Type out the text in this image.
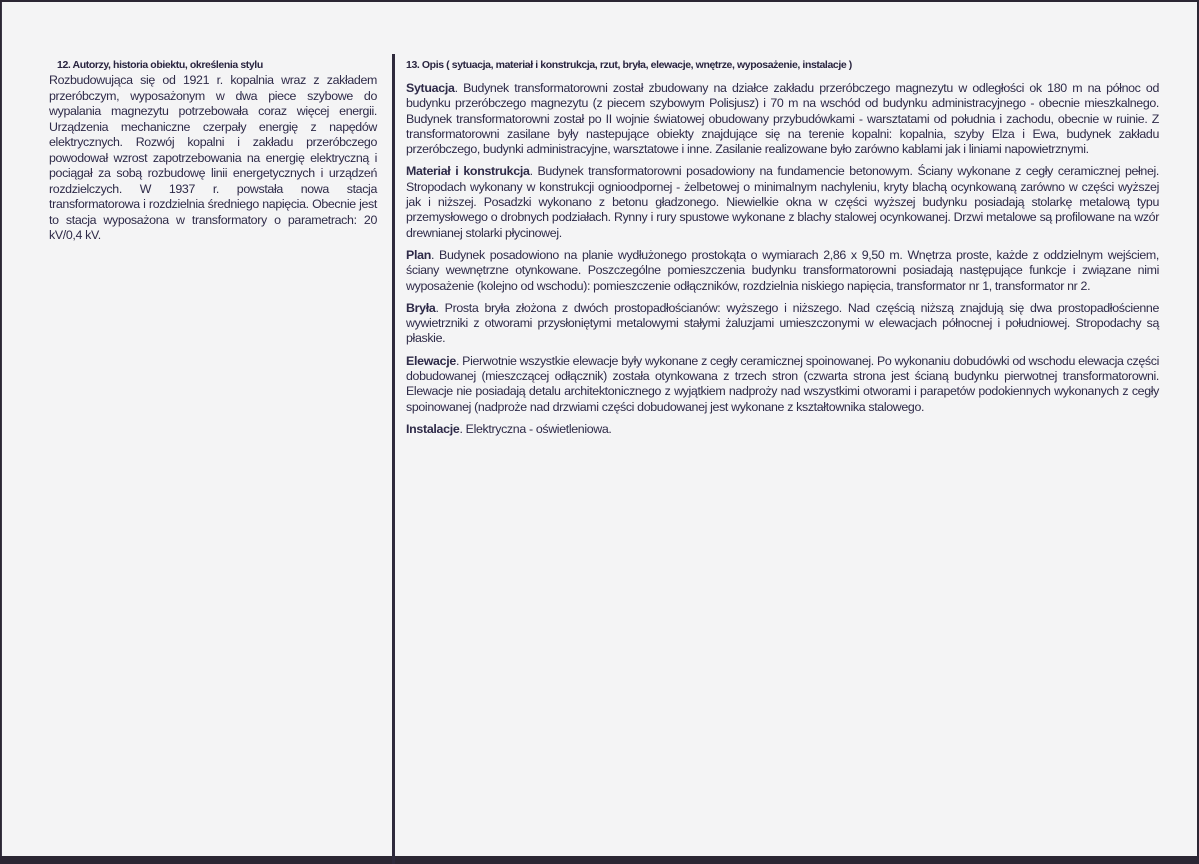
12. Autorzy, historia obiektu, określenia stylu

Rozbudowująca się od 1921 r. kopalnia wraz z zakładem przeróbczym, wyposażonym w dwa piece szybowe do wypalania magnezytu potrzebowała coraz więcej energii. Urządzenia mechaniczne czerpały energię z napędów elektrycznych. Rozwój kopalni i zakładu przeróbczego powodował wzrost zapotrzebowania na energię elektryczną i pociągał za sobą rozbudowę linii energetycznych i urządzeń rozdzielczych. W 1937 r. powstała nowa stacja transformatorowa i rozdzielnia średniego napięcia. Obecnie jest to stacja wyposażona w transformatory o parametrach: 20 kV/0,4 kV.

13. Opis ( sytuacja, materiał i konstrukcja, rzut, bryła, elewacje, wnętrze, wyposażenie, instalacje )

Sytuacja. Budynek transformatorowni został zbudowany na działce zakładu przeróbczego magnezytu w odległości ok 180 m na północ od budynku przeróbczego magnezytu (z piecem szybowym Polisjusz) i 70 m na wschód od budynku administracyjnego - obecnie mieszkalnego. Budynek transformatorowni został po II wojnie światowej obudowany przybudówkami - warsztatami od południa i zachodu, obecnie w ruinie. Z transformatorowni zasilane były nastepujące obiekty znajdujące się na terenie kopalni: kopalnia, szyby Elza i Ewa, budynek zakładu przeróbczego, budynki administracyjne, warsztatowe i inne. Zasilanie realizowane było zarówno kablami jak i liniami napowietrznymi.

Materiał i konstrukcja. Budynek transformatorowni posadowiony na fundamencie betonowym. Ściany wykonane z cegły ceramicznej pełnej. Stropodach wykonany w konstrukcji ognioodpornej - żelbetowej o minimalnym nachyleniu, kryty blachą ocynkowaną zarówno w części wyższej jak i niższej. Posadzki wykonano z betonu gładzonego. Niewielkie okna w części wyższej budynku posiadają stolarkę metalową typu przemysłowego o drobnych podziałach. Rynny i rury spustowe wykonane z blachy stalowej ocynkowanej. Drzwi metalowe są profilowane na wzór drewnianej stolarki płycinowej.

Plan. Budynek posadowiono na planie wydłużonego prostokąta o wymiarach 2,86 x 9,50 m. Wnętrza proste, każde z oddzielnym wejściem, ściany wewnętrzne otynkowane. Poszczególne pomieszczenia budynku transformatorowni posiadają następujące funkcje i związane nimi wyposażenie (kolejno od wschodu): pomieszczenie odłączników, rozdzielnia niskiego napięcia, transformator nr 1, transformator nr 2.

Bryła. Prosta bryła złożona z dwóch prostopadłościanów: wyższego i niższego. Nad częścią niższą znajdują się dwa prostopadłościenne wywietrzniki z otworami przysłoniętymi metalowymi stałymi żaluzjami umieszczonymi w elewacjach północnej i południowej. Stropodachy są płaskie.

Elewacje. Pierwotnie wszystkie elewacje były wykonane z cegły ceramicznej spoinowanej. Po wykonaniu dobudówki od wschodu elewacja części dobudowanej (mieszczącej odłącznik) została otynkowana z trzech stron (czwarta strona jest ścianą budynku pierwotnej transformatorowni. Elewacje nie posiadają detalu architektonicznego z wyjątkiem nadproży nad wszystkimi otworami i parapetów podokiennych wykonanych z cegły spoinowanej (nadproże nad drzwiami części dobudowanej jest wykonane z kształtownika stalowego.

Instalacje. Elektryczna - oświetleniowa.
